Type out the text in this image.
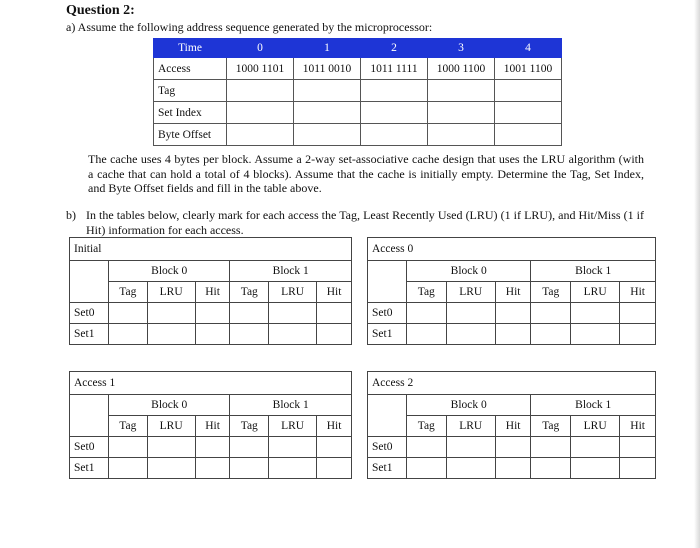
Question 2:
a) Assume the following address sequence generated by the microprocessor:
Time	0	1	2	3	4
Access	1000 1101	1011 0010	1011 1111	1000 1100	1001 1100
Tag					
Set Index					
Byte Offset					
The cache uses 4 bytes per block. Assume a 2-way set-associative cache design that uses the LRU algorithm (with a cache that can hold a total of 4 blocks). Assume that the cache is initially empty. Determine the Tag, Set Index, and Byte Offset fields and fill in the table above.
b) In the tables below, clearly mark for each access the Tag, Least Recently Used (LRU) (1 if LRU), and Hit/Miss (1 if Hit) information for each access.
Initial						
	Block 0			Block 1		
	Tag	LRU	Hit	Tag	LRU	Hit
Set0						
Set1						
Access 0						
	Block 0			Block 1		
	Tag	LRU	Hit	Tag	LRU	Hit
Set0						
Set1						
Access 1						
	Block 0			Block 1		
	Tag	LRU	Hit	Tag	LRU	Hit
Set0						
Set1						
Access 2						
	Block 0			Block 1		
	Tag	LRU	Hit	Tag	LRU	Hit
Set0						
Set1						
